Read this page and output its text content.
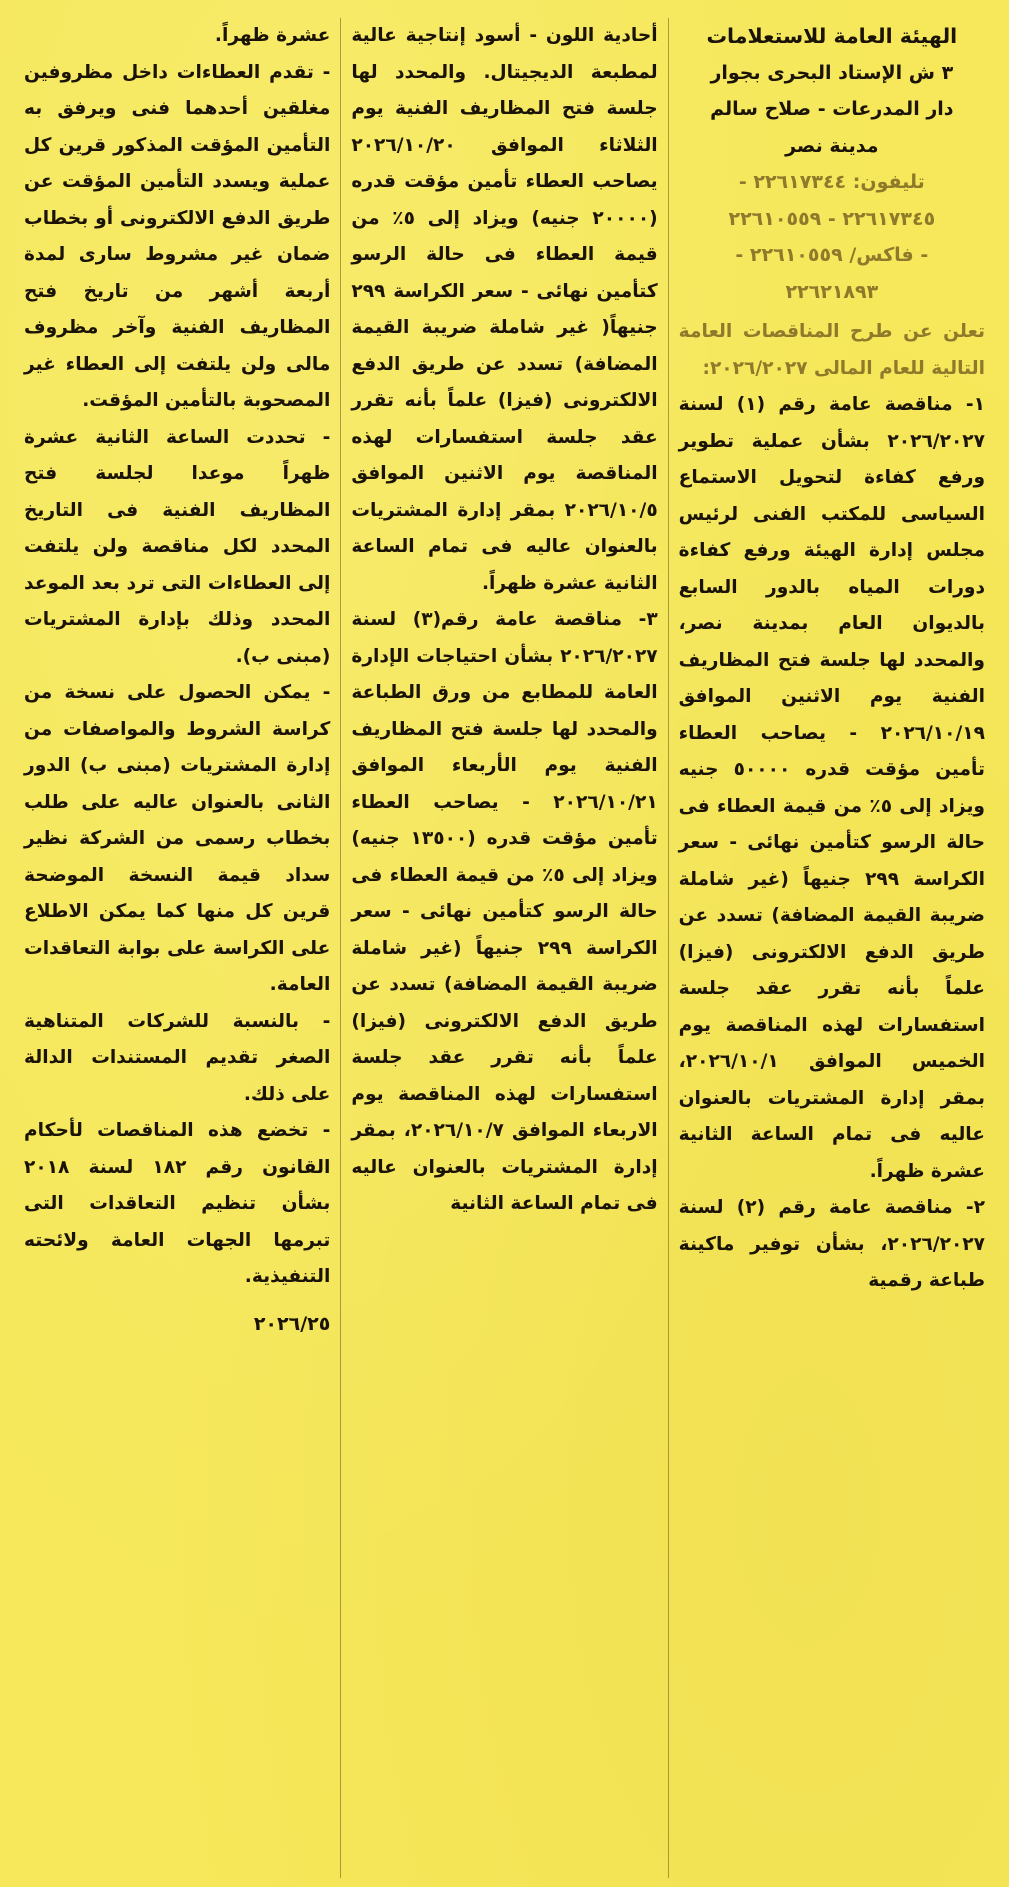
الهيئة العامة للاستعلامات
٣ ش الإستاد البحرى بجوار
دار المدرعات - صلاح سالم
مدينة نصر
تليفون: ٢٢٦١٧٣٤٤ -
٢٢٦١٧٣٤٥ - ٢٢٦١٠٥٥٩
- فاكس/ ٢٢٦١٠٥٥٩ -
٢٢٦٢١٨٩٣

تعلن عن طرح المناقصات العامة التالية للعام المالى ٢٠٢٦/٢٠٢٧:

١- مناقصة عامة رقم (١) لسنة ٢٠٢٦/٢٠٢٧ بشأن عملية تطوير ورفع كفاءة لتحويل الاستماع السياسى للمكتب الفنى لرئيس مجلس إدارة الهيئة ورفع كفاءة دورات المياه بالدور السابع بالديوان العام بمدينة نصر، والمحدد لها جلسة فتح المظاريف الفنية يوم الاثنين الموافق ٢٠٢٦/١٠/١٩ - يصاحب العطاء تأمين مؤقت قدره ٥٠٠٠٠ جنيه ويزاد إلى ٥٪ من قيمة العطاء فى حالة الرسو كتأمين نهائى - سعر الكراسة ٢٩٩ جنيهاً (غير شاملة ضريبة القيمة المضافة) تسدد عن طريق الدفع الالكترونى (فيزا) علماً بأنه تقرر عقد جلسة استفسارات لهذه المناقصة يوم الخميس الموافق ٢٠٢٦/١٠/١، بمقر إدارة المشتريات بالعنوان عاليه فى تمام الساعة الثانية عشرة ظهراً.

٢- مناقصة عامة رقم (٢) لسنة ٢٠٢٦/٢٠٢٧، بشأن توفير ماكينة طباعة رقمية

أحادية اللون - أسود إنتاجية عالية لمطبعة الديجيتال. والمحدد لها جلسة فتح المظاريف الفنية يوم الثلاثاء الموافق ٢٠٢٦/١٠/٢٠ يصاحب العطاء تأمين مؤقت قدره (٢٠٠٠٠ جنيه) ويزاد إلى ٥٪ من قيمة العطاء فى حالة الرسو كتأمين نهائى - سعر الكراسة ٢٩٩ جنيهاً( غير شاملة ضريبة القيمة المضافة) تسدد عن طريق الدفع الالكترونى (فيزا) علماً بأنه تقرر عقد جلسة استفسارات لهذه المناقصة يوم الاثنين الموافق ٢٠٢٦/١٠/٥ بمقر إدارة المشتريات بالعنوان عاليه فى تمام الساعة الثانية عشرة ظهراً.

٣- مناقصة عامة رقم(٣) لسنة ٢٠٢٦/٢٠٢٧ بشأن احتياجات الإدارة العامة للمطابع من ورق الطباعة والمحدد لها جلسة فتح المظاريف الفنية يوم الأربعاء الموافق ٢٠٢٦/١٠/٢١ - يصاحب العطاء تأمين مؤقت قدره (١٣٥٠٠ جنيه) ويزاد إلى ٥٪ من قيمة العطاء فى حالة الرسو كتأمين نهائى - سعر الكراسة ٢٩٩ جنيهاً (غير شاملة ضريبة القيمة المضافة) تسدد عن طريق الدفع الالكترونى (فيزا) علماً بأنه تقرر عقد جلسة استفسارات لهذه المناقصة يوم الاربعاء الموافق ٢٠٢٦/١٠/٧، بمقر إدارة المشتريات بالعنوان عاليه فى تمام الساعة الثانية

عشرة ظهراً.

- تقدم العطاءات داخل مظروفين مغلقين أحدهما فنى ويرفق به التأمين المؤقت المذكور قرين كل عملية ويسدد التأمين المؤقت عن طريق الدفع الالكترونى أو بخطاب ضمان غير مشروط سارى لمدة أربعة أشهر من تاريخ فتح المظاريف الفنية وآخر مظروف مالى ولن يلتفت إلى العطاء غير المصحوبة بالتأمين المؤقت.

- تحددت الساعة الثانية عشرة ظهراً موعدا لجلسة فتح المظاريف الفنية فى التاريخ المحدد لكل مناقصة ولن يلتفت إلى العطاءات التى ترد بعد الموعد المحدد وذلك بإدارة المشتريات (مبنى ب).

- يمكن الحصول على نسخة من كراسة الشروط والمواصفات من إدارة المشتريات (مبنى ب) الدور الثانى بالعنوان عاليه على طلب بخطاب رسمى من الشركة نظير سداد قيمة النسخة الموضحة قرين كل منها كما يمكن الاطلاع على الكراسة على بوابة التعاقدات العامة.

- بالنسبة للشركات المتناهية الصغر تقديم المستندات الدالة على ذلك.

- تخضع هذه المناقصات لأحكام القانون رقم ١٨٢ لسنة ٢٠١٨ بشأن تنظيم التعاقدات التى تبرمها الجهات العامة ولائحته التنفيذية.

٢٠٢٦/٢٥
